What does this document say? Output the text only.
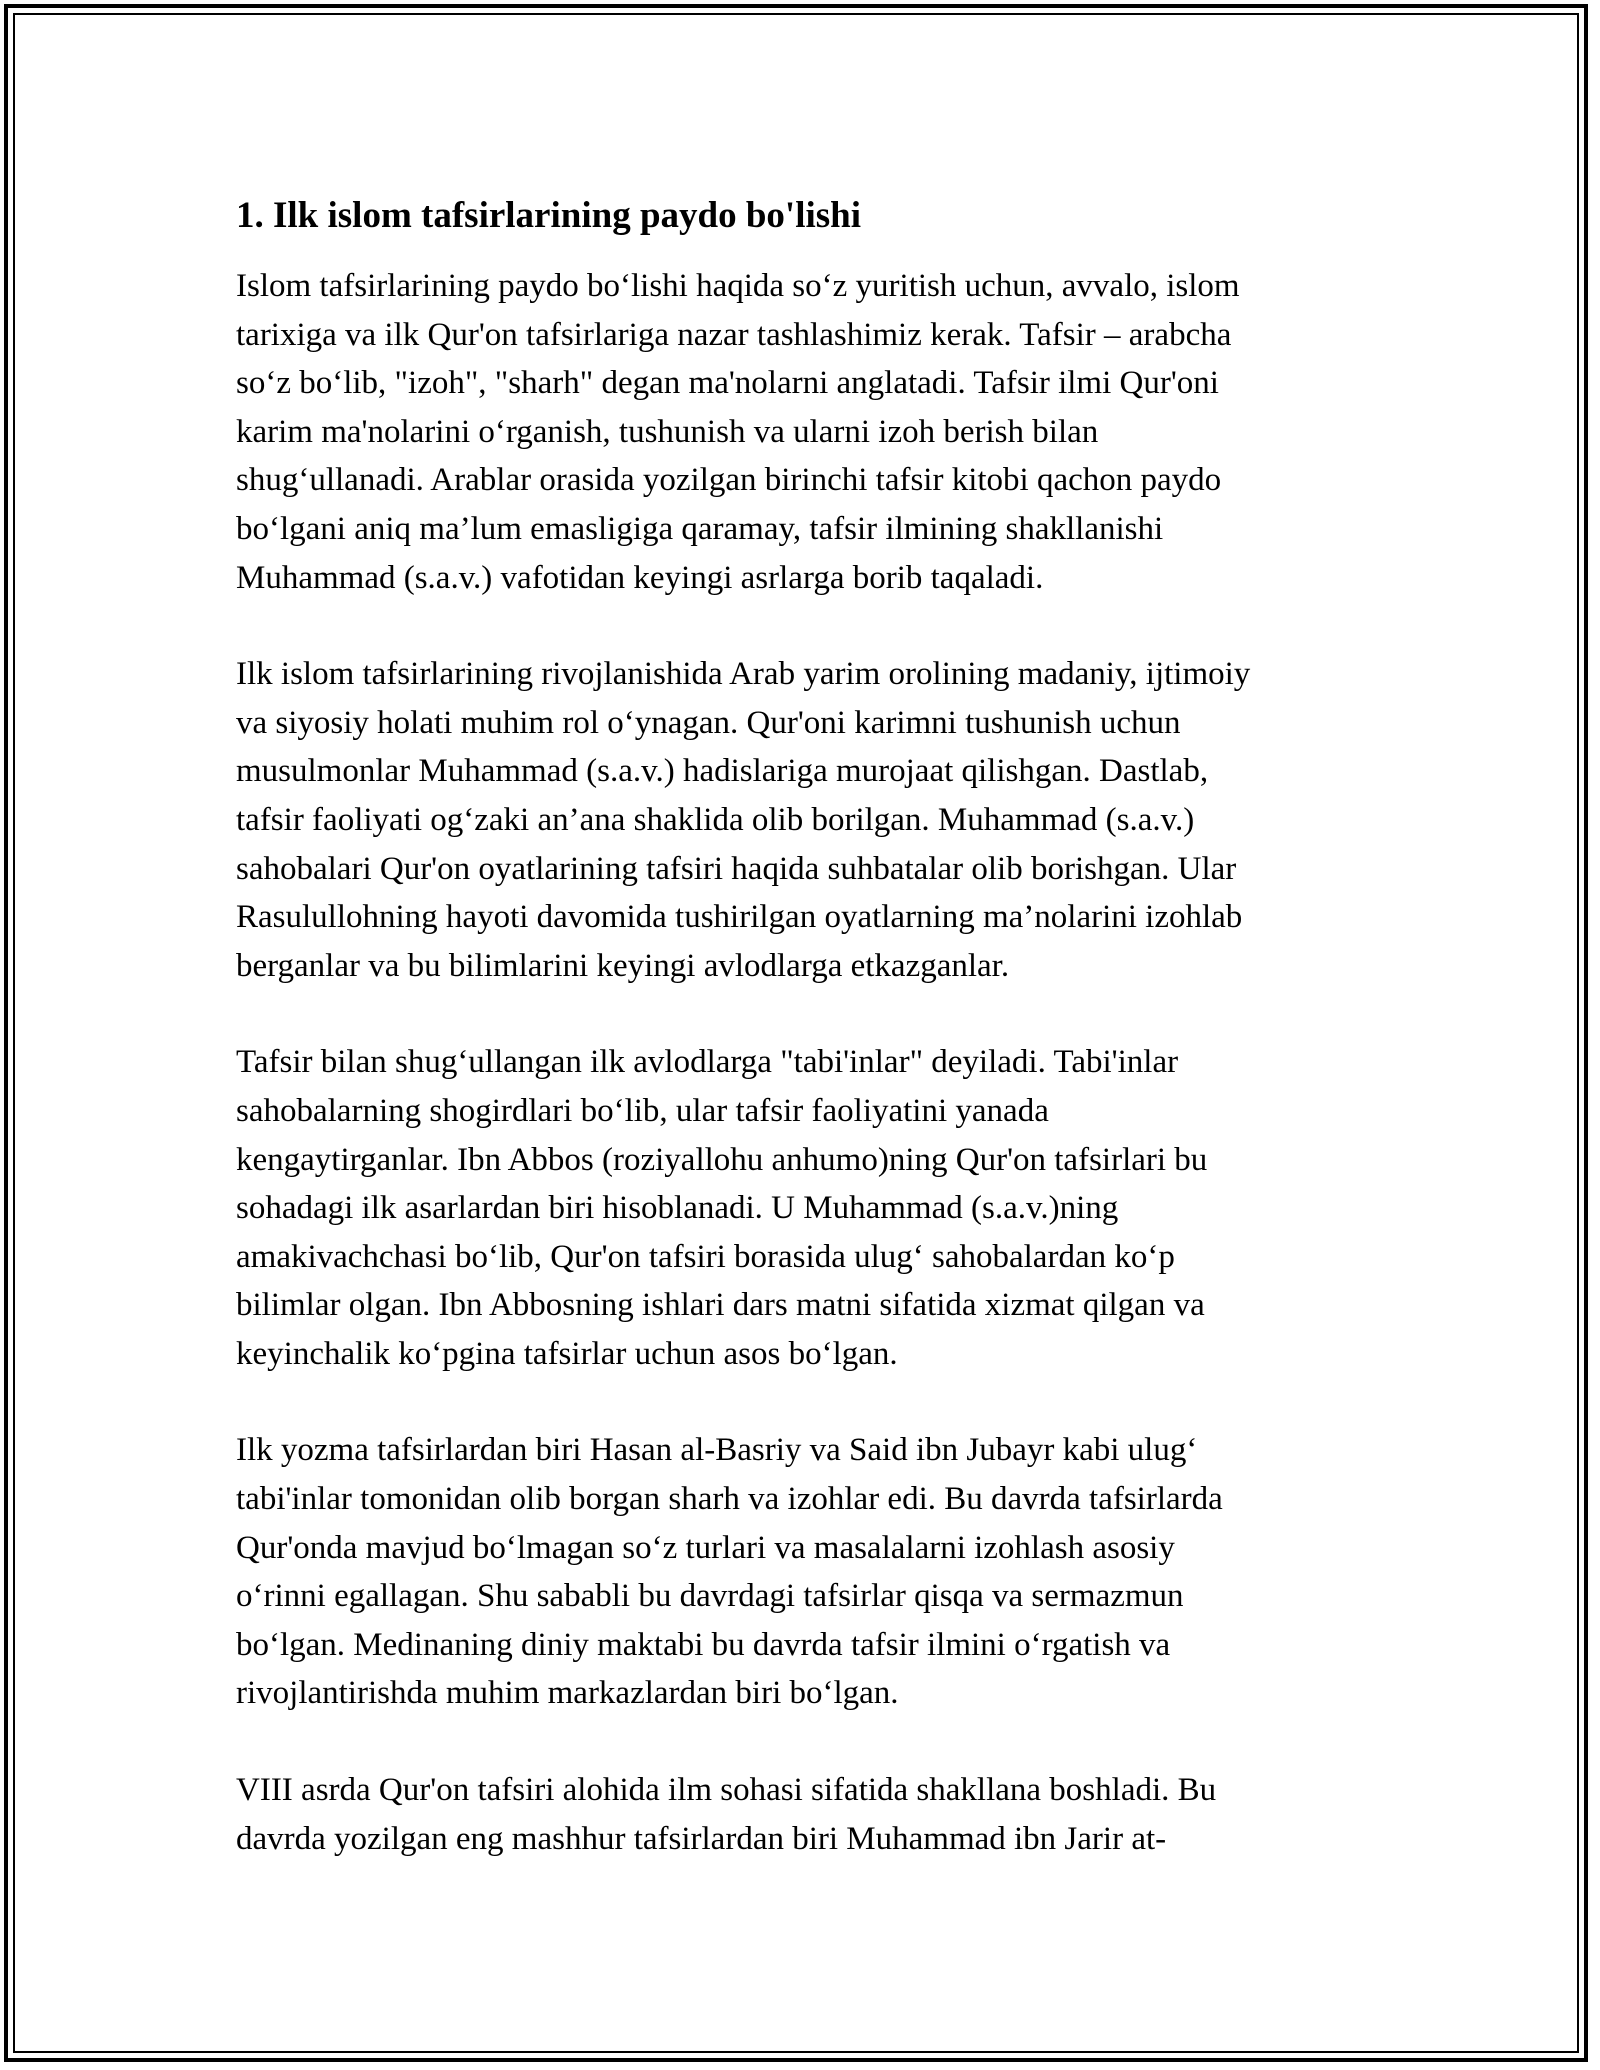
1. Ilk islom tafsirlarining paydo bo'lishi

Islom tafsirlarining paydo bo‘lishi haqida so‘z yuritish uchun, avvalo, islom
tarixiga va ilk Qur'on tafsirlariga nazar tashlashimiz kerak. Tafsir – arabcha
so‘z bo‘lib, "izoh", "sharh" degan ma'nolarni anglatadi. Tafsir ilmi Qur'oni
karim ma'nolarini o‘rganish, tushunish va ularni izoh berish bilan
shug‘ullanadi. Arablar orasida yozilgan birinchi tafsir kitobi qachon paydo
bo‘lgani aniq ma’lum emasligiga qaramay, tafsir ilmining shakllanishi
Muhammad (s.a.v.) vafotidan keyingi asrlarga borib taqaladi.

Ilk islom tafsirlarining rivojlanishida Arab yarim orolining madaniy, ijtimoiy
va siyosiy holati muhim rol o‘ynagan. Qur'oni karimni tushunish uchun
musulmonlar Muhammad (s.a.v.) hadislariga murojaat qilishgan. Dastlab,
tafsir faoliyati og‘zaki an’ana shaklida olib borilgan. Muhammad (s.a.v.)
sahobalari Qur'on oyatlarining tafsiri haqida suhbatalar olib borishgan. Ular
Rasulullohning hayoti davomida tushirilgan oyatlarning ma’nolarini izohlab
berganlar va bu bilimlarini keyingi avlodlarga etkazganlar.

Tafsir bilan shug‘ullangan ilk avlodlarga "tabi'inlar" deyiladi. Tabi'inlar
sahobalarning shogirdlari bo‘lib, ular tafsir faoliyatini yanada
kengaytirganlar. Ibn Abbos (roziyallohu anhumo)ning Qur'on tafsirlari bu
sohadagi ilk asarlardan biri hisoblanadi. U Muhammad (s.a.v.)ning
amakivachchasi bo‘lib, Qur'on tafsiri borasida ulug‘ sahobalardan ko‘p
bilimlar olgan. Ibn Abbosning ishlari dars matni sifatida xizmat qilgan va
keyinchalik ko‘pgina tafsirlar uchun asos bo‘lgan.

Ilk yozma tafsirlardan biri Hasan al-Basriy va Said ibn Jubayr kabi ulug‘
tabi'inlar tomonidan olib borgan sharh va izohlar edi. Bu davrda tafsirlarda
Qur'onda mavjud bo‘lmagan so‘z turlari va masalalarni izohlash asosiy
o‘rinni egallagan. Shu sababli bu davrdagi tafsirlar qisqa va sermazmun
bo‘lgan. Medinaning diniy maktabi bu davrda tafsir ilmini o‘rgatish va
rivojlantirishda muhim markazlardan biri bo‘lgan.

VIII asrda Qur'on tafsiri alohida ilm sohasi sifatida shakllana boshladi. Bu
davrda yozilgan eng mashhur tafsirlardan biri Muhammad ibn Jarir at-
